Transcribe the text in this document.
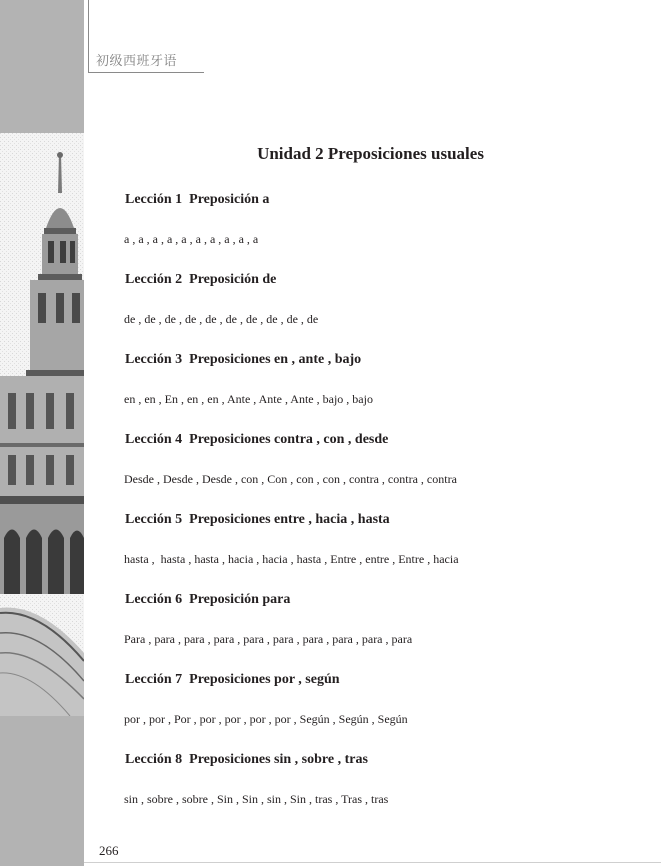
初级西班牙语
Unidad 2 Preposiciones usuales
Lección 1  Preposición a
a , a , a , a , a , a , a , a , a , a
Lección 2  Preposición de
de , de , de , de , de , de , de , de , de , de
Lección 3  Preposiciones en , ante , bajo
en , en , En , en , en , Ante , Ante , Ante , bajo , bajo
Lección 4  Preposiciones contra , con , desde
Desde , Desde , Desde , con , Con , con , con , contra , contra , contra
Lección 5  Preposiciones entre , hacia , hasta
hasta ,  hasta , hasta , hacia , hacia , hasta , Entre , entre , Entre , hacia
Lección 6  Preposición para
Para , para , para , para , para , para , para , para , para , para
Lección 7  Preposiciones por , según
por , por , Por , por , por , por , por , Según , Según , Según
Lección 8  Preposiciones sin , sobre , tras
sin , sobre , sobre , Sin , Sin , sin , Sin , tras , Tras , tras
266
